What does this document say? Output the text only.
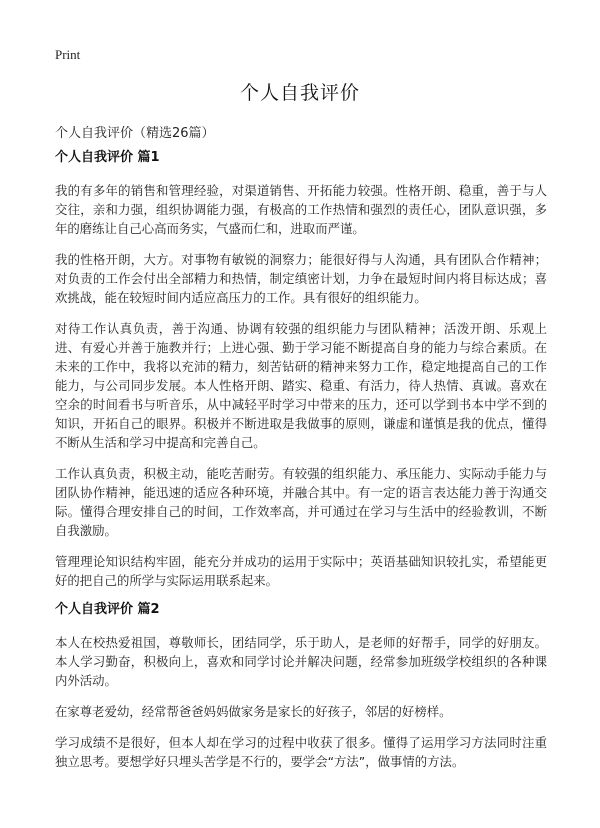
Print
个人自我评价
个人自我评价（精选26篇）
个人自我评价 篇1

我的有多年的销售和管理经验，对渠道销售、开拓能力较强。性格开朗、稳重，善于与人交往，亲和力强，组织协调能力强，有极高的工作热情和强烈的责任心，团队意识强，多年的磨练让自己心高而务实，气盛而仁和，进取而严谨。

我的性格开朗，大方。对事物有敏锐的洞察力；能很好得与人沟通，具有团队合作精神；对负责的工作会付出全部精力和热情，制定缜密计划，力争在最短时间内将目标达成；喜欢挑战，能在较短时间内适应高压力的工作。具有很好的组织能力。

对待工作认真负责，善于沟通、协调有较强的组织能力与团队精神；活泼开朗、乐观上进、有爱心并善于施教并行；上进心强、勤于学习能不断提高自身的能力与综合素质。在未来的工作中，我将以充沛的精力，刻苦钻研的精神来努力工作，稳定地提高自己的工作能力，与公司同步发展。本人性格开朗、踏实、稳重、有活力，待人热情、真诚。喜欢在空余的时间看书与听音乐，从中减轻平时学习中带来的压力，还可以学到书本中学不到的知识，开拓自己的眼界。积极并不断进取是我做事的原则，谦虚和谨慎是我的优点，懂得不断从生活和学习中提高和完善自己。

工作认真负责，积极主动，能吃苦耐劳。有较强的组织能力、承压能力、实际动手能力与团队协作精神，能迅速的适应各种环境，并融合其中。有一定的语言表达能力善于沟通交际。懂得合理安排自己的时间，工作效率高，并可通过在学习与生活中的经验教训，不断自我激励。

管理理论知识结构牢固，能充分并成功的运用于实际中；英语基础知识较扎实，希望能更好的把自己的所学与实际运用联系起来。

个人自我评价 篇2

本人在校热爱祖国，尊敬师长，团结同学，乐于助人，是老师的好帮手，同学的好朋友。本人学习勤奋，积极向上，喜欢和同学讨论并解决问题，经常参加班级学校组织的各种课内外活动。

在家尊老爱幼，经常帮爸爸妈妈做家务是家长的好孩子，邻居的好榜样。

学习成绩不是很好，但本人却在学习的过程中收获了很多。懂得了运用学习方法同时注重独立思考。要想学好只埋头苦学是不行的，要学会“方法”，做事情的方法。
